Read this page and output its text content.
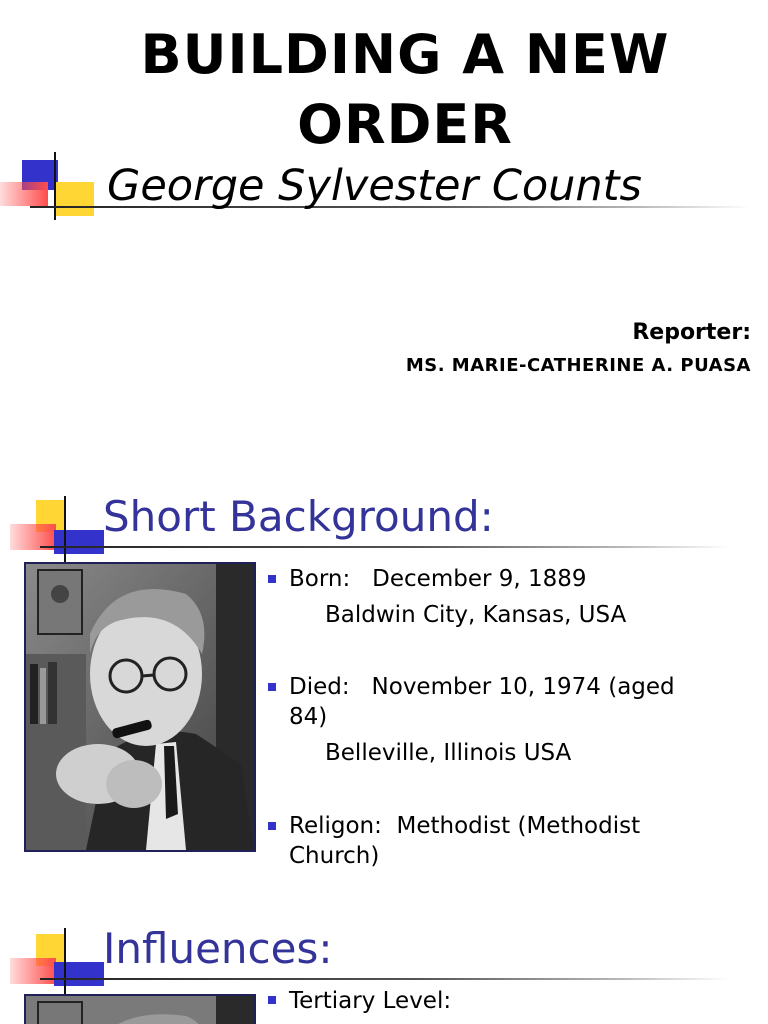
BUILDING A NEW ORDER
George Sylvester Counts
Reporter:
MS. MARIE-CATHERINE A. PUASA
Short Background:
Born: December 9, 1889
Baldwin City, Kansas, USA
Died: November 10, 1974 (aged
84)
Belleville, Illinois USA
Religon: Methodist (Methodist
Church)
Influences:
Tertiary Level:
